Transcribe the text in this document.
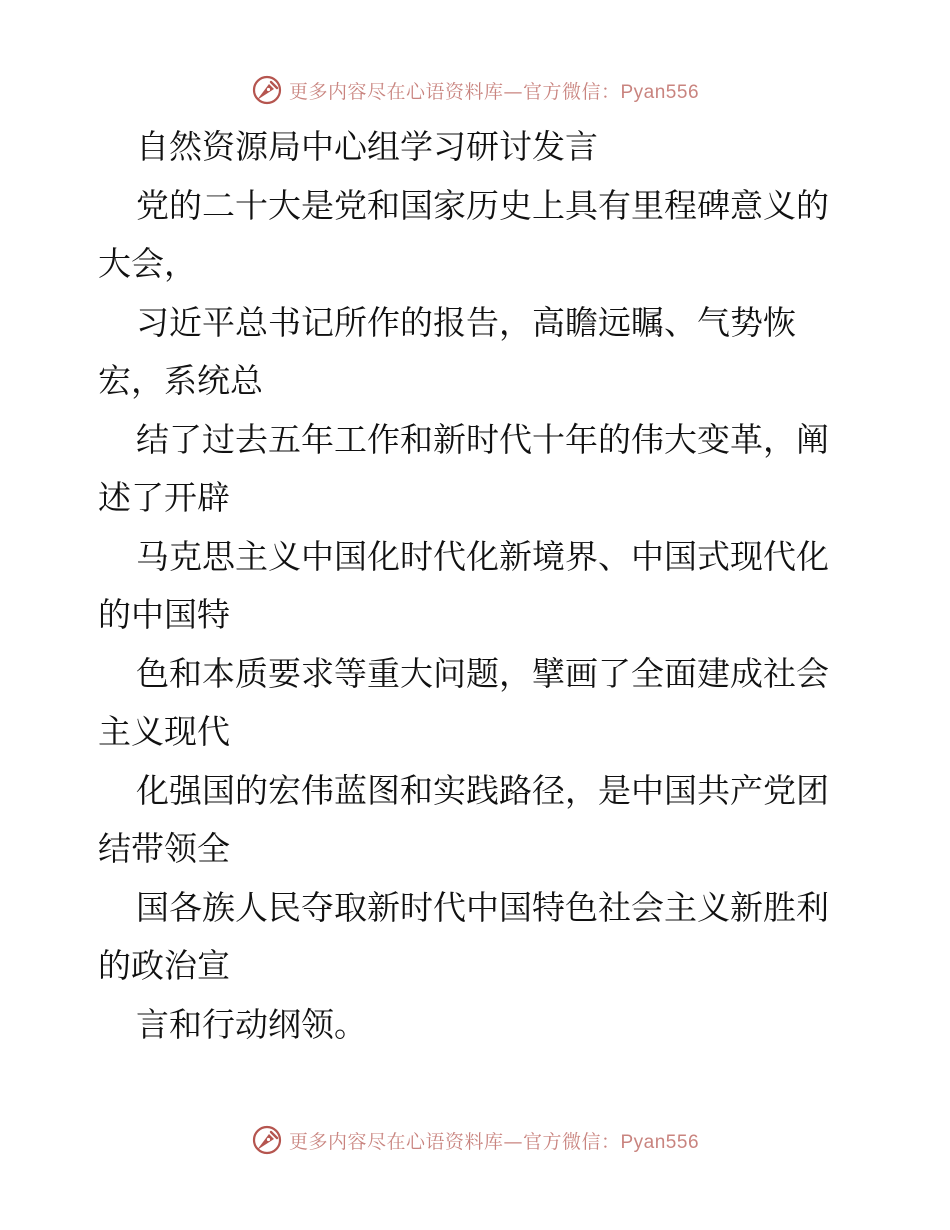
更多内容尽在心语资料库—官方微信：Pyan556
自然资源局中心组学习研讨发言
党的二十大是党和国家历史上具有里程碑意义的
大会，
习近平总书记所作的报告，高瞻远瞩、气势恢
宏，系统总
结了过去五年工作和新时代十年的伟大变革，阐
述了开辟
马克思主义中国化时代化新境界、中国式现代化
的中国特
色和本质要求等重大问题，擘画了全面建成社会
主义现代
化强国的宏伟蓝图和实践路径，是中国共产党团
结带领全
国各族人民夺取新时代中国特色社会主义新胜利
的政治宣
言和行动纲领。
更多内容尽在心语资料库—官方微信：Pyan556
